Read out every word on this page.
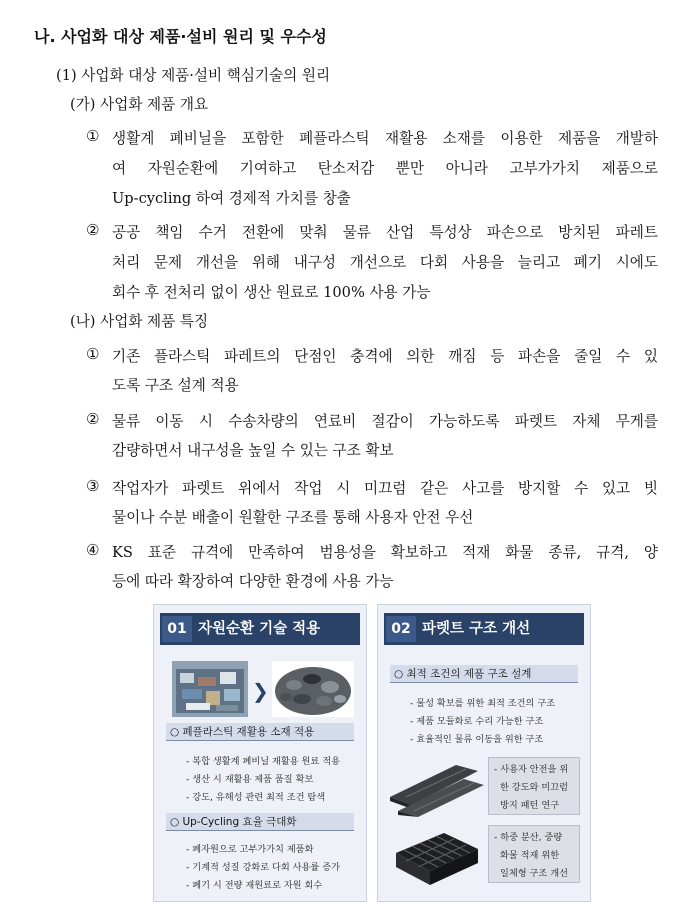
나. 사업화 대상 제품·설비 원리 및 우수성
(1) 사업화 대상 제품·설비 핵심기술의 원리
(가) 사업화 제품 개요
① 생활계 폐비닐을 포함한 폐플라스틱 재활용 소재를 이용한 제품을 개발하
여 자원순환에 기여하고 탄소저감 뿐만 아니라 고부가가치 제품으로
Up-cycling 하여 경제적 가치를 창출
② 공공 책임 수거 전환에 맞춰 물류 산업 특성상 파손으로 방치된 파레트
처리 문제 개선을 위해 내구성 개선으로 다회 사용을 늘리고 폐기 시에도
회수 후 전처리 없이 생산 원료로 100% 사용 가능
(나) 사업화 제품 특징
① 기존 플라스틱 파레트의 단점인 충격에 의한 깨짐 등 파손을 줄일 수 있
도록 구조 설계 적용
② 물류 이동 시 수송차량의 연료비 절감이 가능하도록 파렛트 자체 무게를
감량하면서 내구성을 높일 수 있는 구조 확보
③ 작업자가 파렛트 위에서 작업 시 미끄럼 같은 사고를 방지할 수 있고 빗
물이나 수분 배출이 원활한 구조를 통해 사용자 안전 우선
④ KS 표준 규격에 만족하여 범용성을 확보하고 적재 화물 종류, 규격, 양
등에 따라 확장하여 다양한 환경에 사용 가능
01 자원순환 기술 적용
❯
○ 폐플라스틱 재활용 소재 적용
- 복합 생활계 폐비닐 재활용 원료 적용
- 생산 시 재활용 제품 품질 확보
- 강도, 유해성 관련 최적 조건 탐색
○ Up-Cycling 효율 극대화
- 폐자원으로 고부가가치 제품화
- 기계적 성질 강화로 다회 사용률 증가
- 폐기 시 전량 재원료로 자원 회수
02 파렛트 구조 개선
○ 최적 조건의 제품 구조 설계
- 물성 확보를 위한 최적 조건의 구조
- 제품 모듈화로 수리 가능한 구조
- 효율적인 물류 이동을 위한 구조
- 사용자 안전을 위
한 강도와 미끄럼
방지 패턴 연구
- 하중 분산, 중량
화물 적재 위한
일체형 구조 개선
